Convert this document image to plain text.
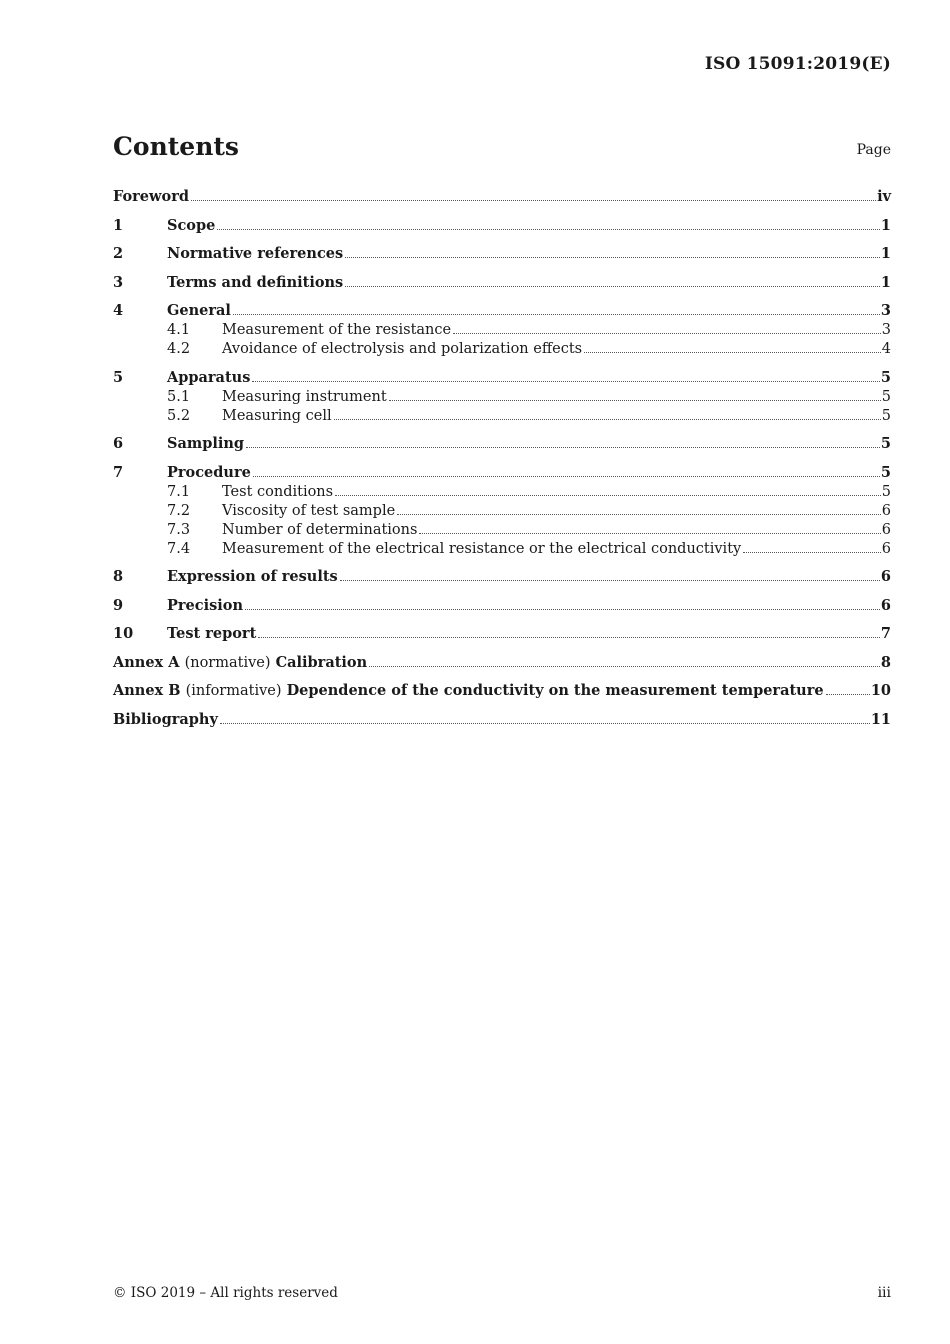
ISO 15091:2019(E)
Contents	Page
Foreword	iv
1	Scope	1
2	Normative references	1
3	Terms and definitions	1
4	General	3
4.1	Measurement of the resistance	3
4.2	Avoidance of electrolysis and polarization effects	4
5	Apparatus	5
5.1	Measuring instrument	5
5.2	Measuring cell	5
6	Sampling	5
7	Procedure	5
7.1	Test conditions	5
7.2	Viscosity of test sample	6
7.3	Number of determinations	6
7.4	Measurement of the electrical resistance or the electrical conductivity	6
8	Expression of results	6
9	Precision	6
10	Test report	7
Annex A (normative) Calibration	8
Annex B (informative) Dependence of the conductivity on the measurement temperature	10
Bibliography	11
© ISO 2019 – All rights reserved	iii
